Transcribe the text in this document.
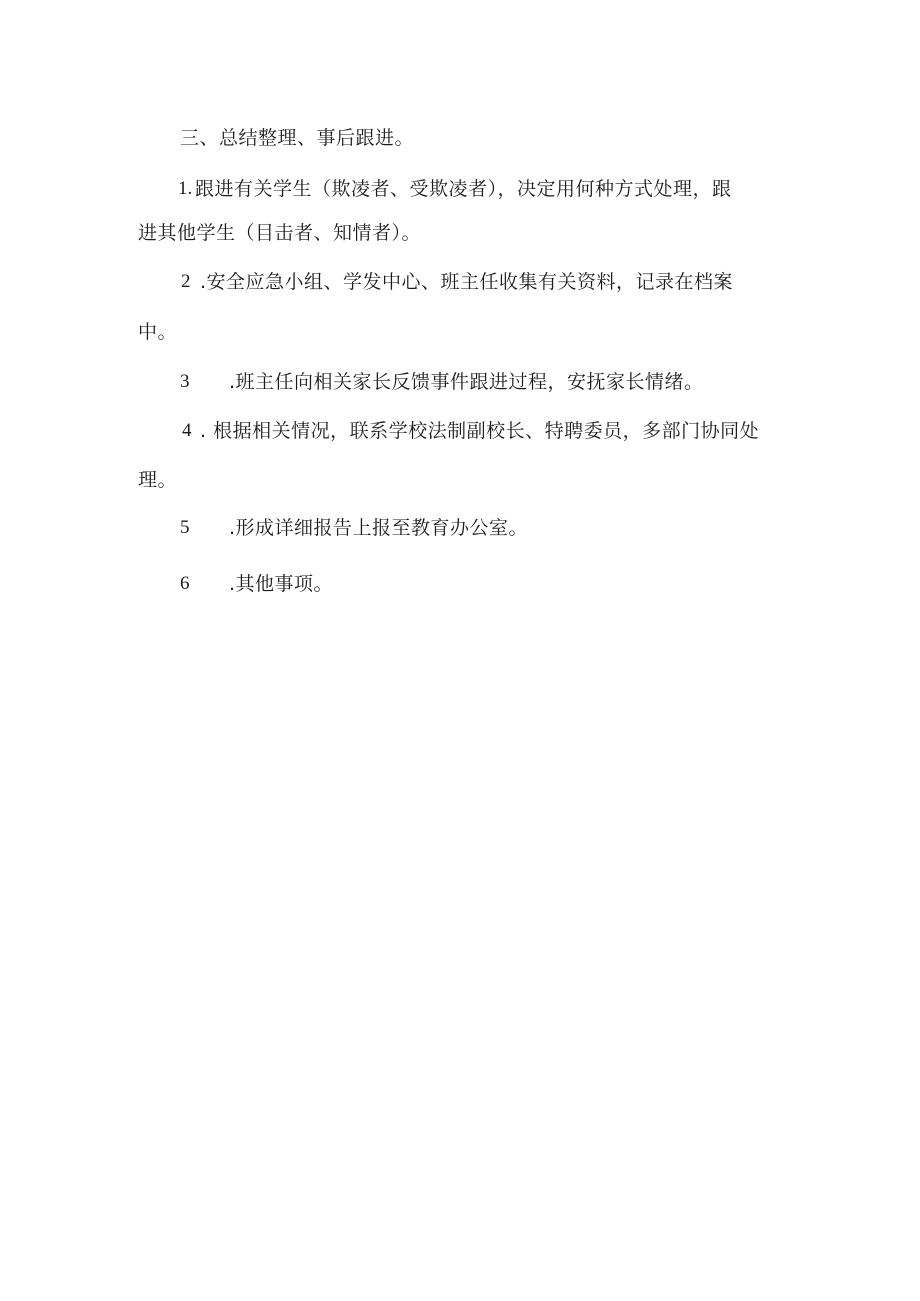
三、总结整理、事后跟进。
1. 跟进有关学生（欺凌者、受欺凌者），决定用何种方式处理，跟
进其他学生（目击者、知情者）。
2 .安全应急小组、学发中心、班主任收集有关资料，记录在档案
中。
3 .班主任向相关家长反馈事件跟进过程，安抚家长情绪。
4 . 根据相关情况，联系学校法制副校长、特聘委员，多部门协同处
理。
5 .形成详细报告上报至教育办公室。
6 .其他事项。
